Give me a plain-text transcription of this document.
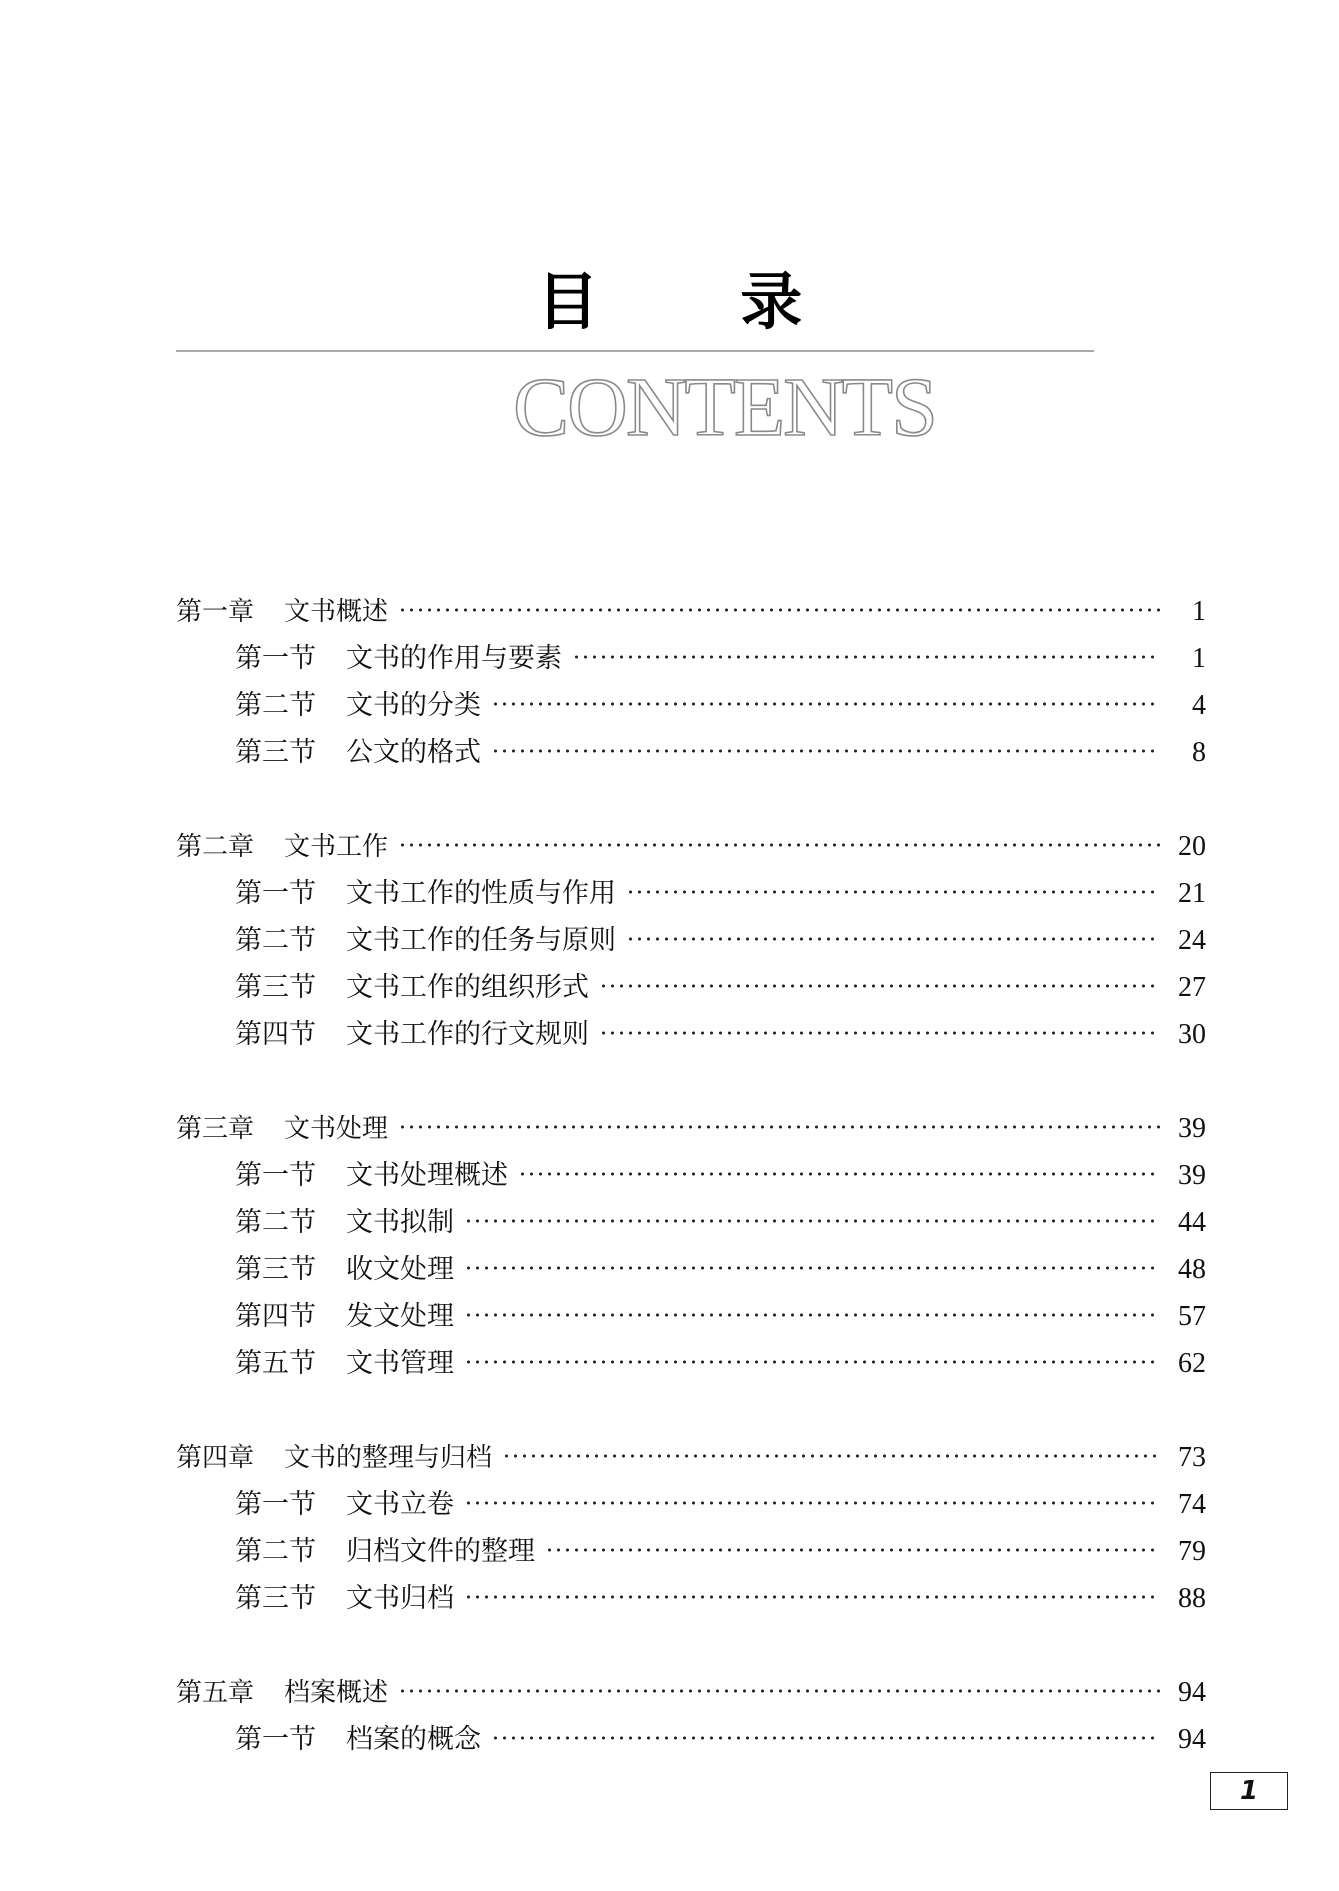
目 录
CONTENTS
第一章 文书概述	1
第一节 文书的作用与要素	1
第二节 文书的分类	4
第三节 公文的格式	8
第二章 文书工作	20
第一节 文书工作的性质与作用	21
第二节 文书工作的任务与原则	24
第三节 文书工作的组织形式	27
第四节 文书工作的行文规则	30
第三章 文书处理	39
第一节 文书处理概述	39
第二节 文书拟制	44
第三节 收文处理	48
第四节 发文处理	57
第五节 文书管理	62
第四章 文书的整理与归档	73
第一节 文书立卷	74
第二节 归档文件的整理	79
第三节 文书归档	88
第五章 档案概述	94
第一节 档案的概念	94
1
